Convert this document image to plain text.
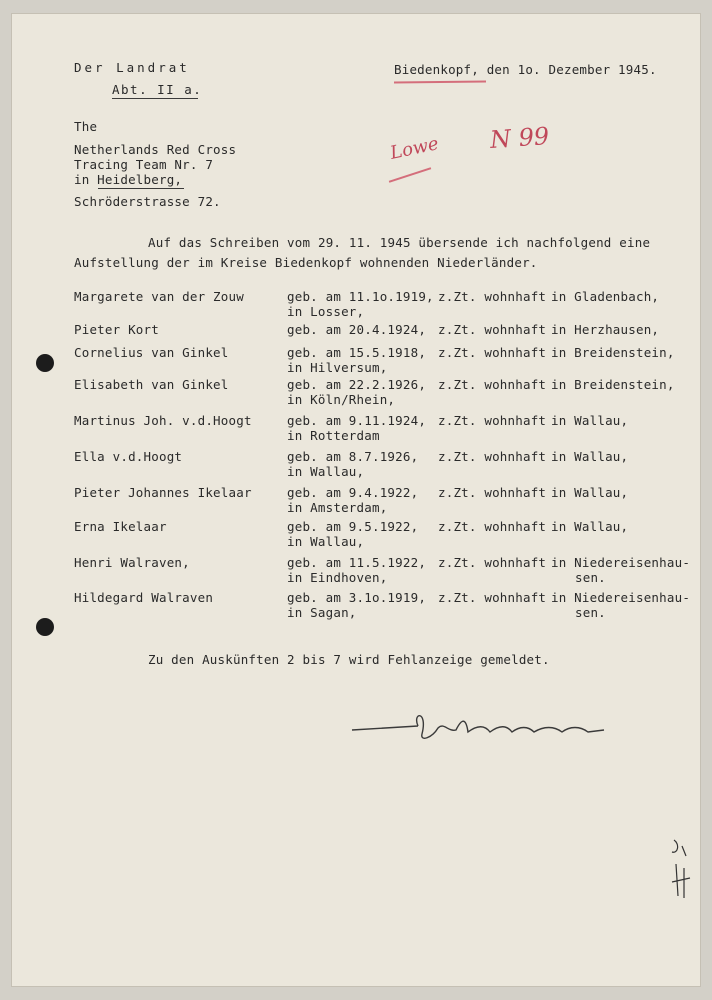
Der Landrat
Abt. II a.
Biedenkopf, den 1o. Dezember 1945.
The
Netherlands Red Cross
Tracing Team Nr. 7
in Heidelberg,
Schröderstrasse 72.
Lowe N 99
Auf das Schreiben vom 29. 11. 1945 übersende ich nachfolgend eine
Aufstellung der im Kreise Biedenkopf wohnenden Niederländer.
Zu den Auskünften 2 bis 7 wird Fehlanzeige gemeldet.
Margarete van der Zouw	geb. am 11.1o.1919,
in Losser,
z.Zt. wohnhaft in Gladenbach,
Pieter Kort	geb. am 20.4.1924, z.Zt. wohnhaft in Herzhausen,
Cornelius van Ginkel	geb. am 15.5.1918,
in Hilversum,
z.Zt. wohnhaft in Breidenstein,
Elisabeth van Ginkel	geb. am 22.2.1926,
in Köln/Rhein,
z.Zt. wohnhaft in Breidenstein,
Martinus Joh. v.d.Hoogt	geb. am 9.11.1924,
in Rotterdam
z.Zt. wohnhaft in Wallau,
Ella v.d.Hoogt	geb. am 8.7.1926,
in Wallau,
z.Zt. wohnhaft in Wallau,
Pieter Johannes Ikelaar	geb. am 9.4.1922,
in Amsterdam,
z.Zt. wohnhaft in Wallau,
Erna Ikelaar	geb. am 9.5.1922,
in Wallau,
z.Zt. wohnhaft in Wallau,
Henri Walraven,	geb. am 11.5.1922,
in Eindhoven,
z.Zt. wohnhaft in Niedereisenhau-
sen.
Hildegard Walraven	geb. am 3.1o.1919,
in Sagan,
z.Zt. wohnhaft in Niedereisenhau-
sen.
